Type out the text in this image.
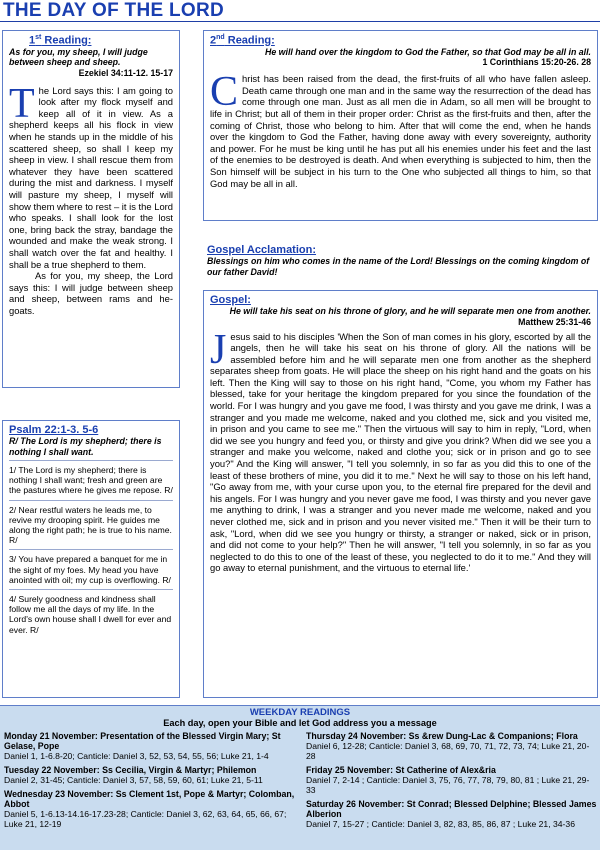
THE DAY OF THE LORD
1st Reading:
As for you, my sheep, I will judge between sheep and sheep.
Ezekiel 34:11-12. 15-17
The Lord says this: I am going to look after my flock myself and keep all of it in view. As a shepherd keeps all his flock in view when he stands up in the middle of his scattered sheep, so shall I keep my sheep in view. I shall rescue them from whatever they have been scattered during the mist and darkness. I myself will pasture my sheep, I myself will show them where to rest – it is the Lord who speaks. I shall look for the lost one, bring back the stray, bandage the wounded and make the weak strong. I shall watch over the fat and healthy. I shall be a true shepherd to them.
As for you, my sheep, the Lord says this: I will judge between sheep and sheep, between rams and he-goats.
Psalm 22:1-3. 5-6
R/ The Lord is my shepherd; there is nothing I shall want.

1/ The Lord is my shepherd; there is nothing I shall want; fresh and green are the pastures where he gives me repose. R/

2/ Near restful waters he leads me, to revive my drooping spirit. He guides me along the right path; he is true to his name. R/

3/ You have prepared a banquet for me in the sight of my foes. My head you have anointed with oil; my cup is overflowing. R/

4/ Surely goodness and kindness shall follow me all the days of my life. In the Lord's own house shall I dwell for ever and ever. R/

2nd Reading:
He will hand over the kingdom to God the Father, so that God may be all in all.
1 Corinthians 15:20-26. 28
Christ has been raised from the dead, the first-fruits of all who have fallen asleep. Death came through one man and in the same way the resurrection of the dead has come through one man. Just as all men die in Adam, so all men will be brought to life in Christ; but all of them in their proper order: Christ as the first-fruits and then, after the coming of Christ, those who belong to him. After that will come the end, when he hands over the kingdom to God the Father, having done away with every sovereignty, authority and power. For he must be king until he has put all his enemies under his feet and the last of the enemies to be destroyed is death. And when everything is subjected to him, then the Son himself will be subject in his turn to the One who subjected all things to him, so that God may be all in all.
Gospel Acclamation:
Blessings on him who comes in the name of the Lord! Blessings on the coming kingdom of our father David!
Gospel:
He will take his seat on his throne of glory, and he will separate men one from another.
Matthew 25:31-46
Jesus said to his disciples 'When the Son of man comes in his glory, escorted by all the angels, then he will take his seat on his throne of glory. All the nations will be assembled before him and he will separate men one from another as the shepherd separates sheep from goats. He will place the sheep on his right hand and the goats on his left. Then the King will say to those on his right hand, "Come, you whom my Father has blessed, take for your heritage the kingdom prepared for you since the foundation of the world. For I was hungry and you gave me food, I was thirsty and you gave me drink, I was a stranger and you made me welcome, naked and you clothed me, sick and you visited me, in prison and you came to see me." Then the virtuous will say to him in reply, "Lord, when did we see you hungry and feed you, or thirsty and give you drink? When did we see you a stranger and make you welcome, naked and clothe you; sick or in prison and go to see you?" And the King will answer, "I tell you solemnly, in so far as you did this to one of the least of these brothers of mine, you did it to me." Next he will say to those on his left hand, "Go away from me, with your curse upon you, to the eternal fire prepared for the devil and his angels. For I was hungry and you never gave me food, I was thirsty and you never gave me anything to drink, I was a stranger and you never made me welcome, naked and you never clothed me, sick and in prison and you never visited me." Then it will be their turn to ask, "Lord, when did we see you hungry or thirsty, a stranger or naked, sick or in prison, and did not come to your help?" Then he will answer, "I tell you solemnly, in so far as you neglected to do this to one of the least of these, you neglected to do it to me." And they will go away to eternal punishment, and the virtuous to eternal life.'
WEEKDAY READINGS
Each day, open your Bible and let God address you a message
Monday 21 November: Presentation of the Blessed Virgin Mary; St Gelase, Pope
Daniel 1, 1-6.8-20; Canticle: Daniel 3, 52, 53, 54, 55, 56; Luke 21, 1-4
Tuesday 22 November: Ss Cecilia, Virgin & Martyr; Philemon
Daniel 2, 31-45; Canticle: Daniel 3, 57, 58, 59, 60, 61; Luke 21, 5-11
Wednesday 23 November: Ss Clement 1st, Pope & Martyr; Colomban, Abbot
Daniel 5, 1-6.13-14.16-17.23-28; Canticle: Daniel 3, 62, 63, 64, 65, 66, 67; Luke 21, 12-19
Thursday 24 November: Ss &rew Dung-Lac & Companions; Flora
Daniel 6, 12-28; Canticle: Daniel 3, 68, 69, 70, 71, 72, 73, 74; Luke 21, 20-28
Friday 25 November: St Catherine of Alex&ria
Daniel 7, 2-14 ; Canticle: Daniel 3, 75, 76, 77, 78, 79, 80, 81 ; Luke 21, 29-33
Saturday 26 November: St Conrad; Blessed Delphine; Blessed James Alberion
Daniel 7, 15-27 ; Canticle: Daniel 3, 82, 83, 85, 86, 87 ; Luke 21, 34-36
